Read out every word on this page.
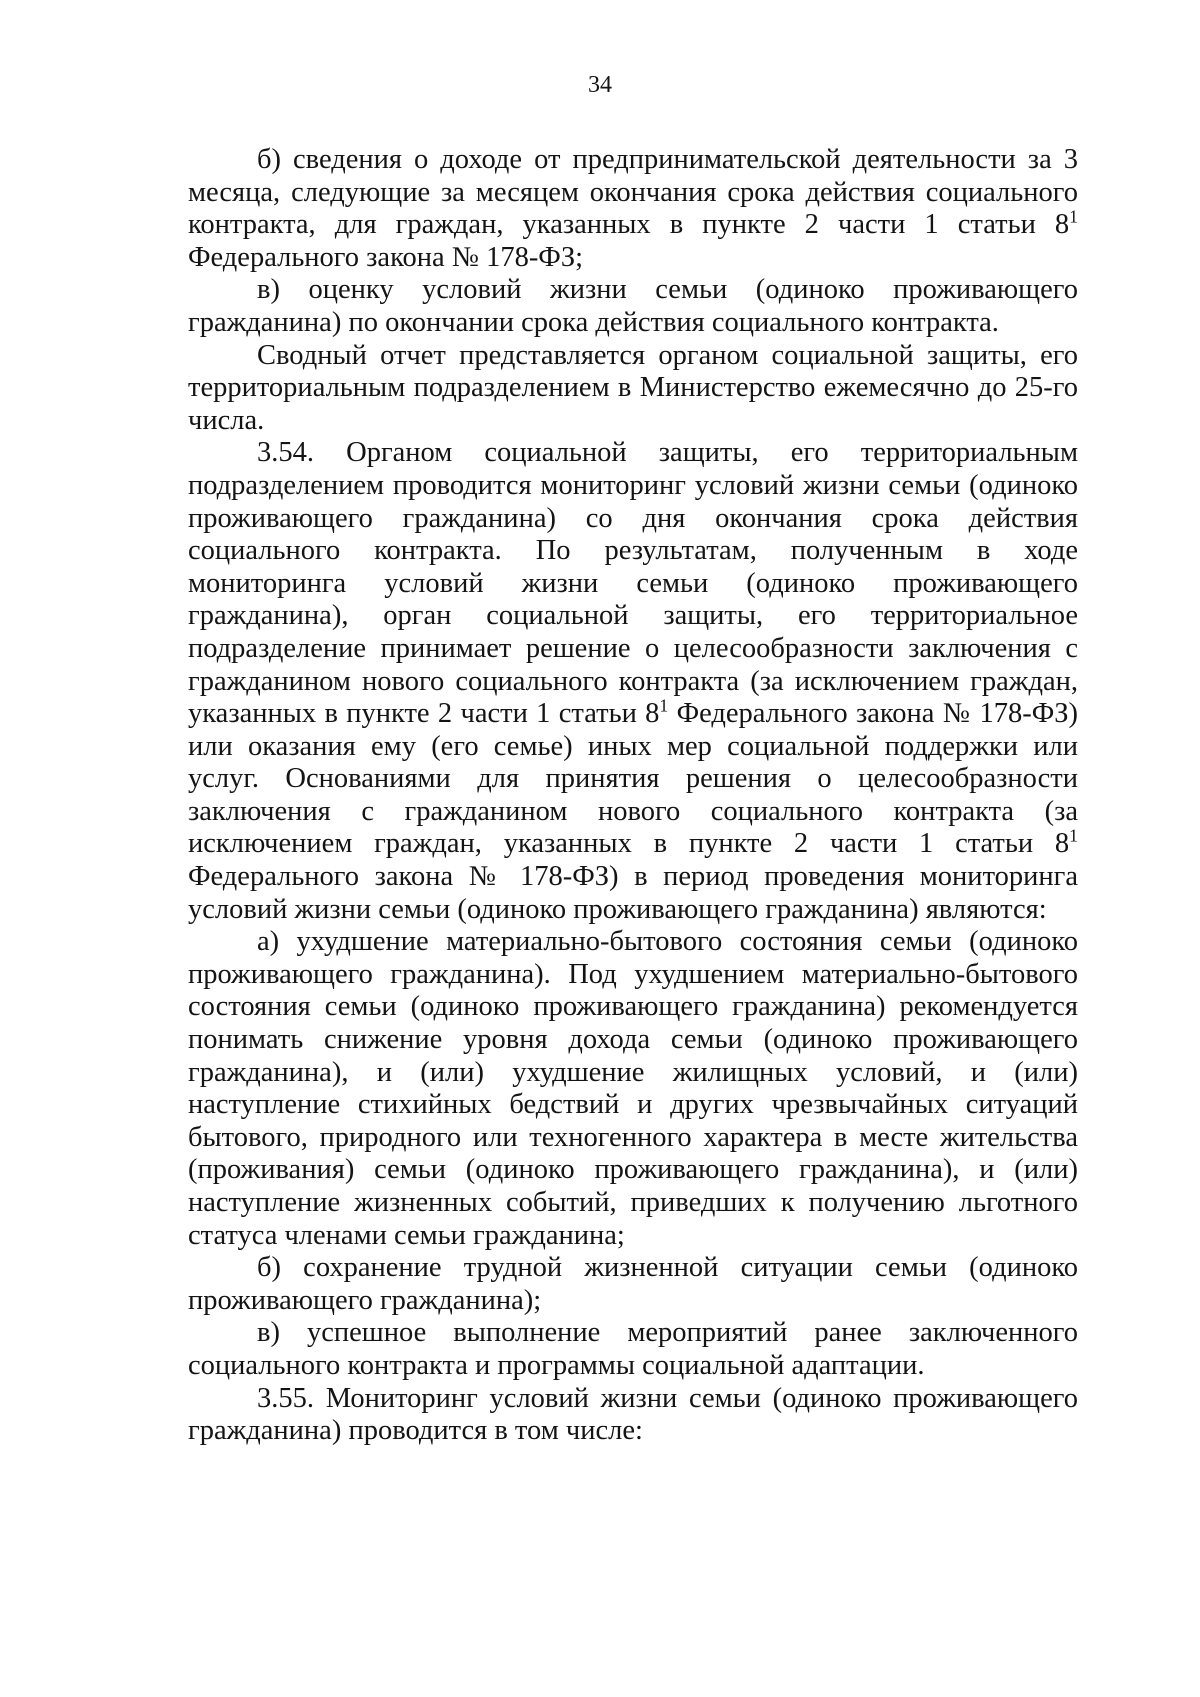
34

б) сведения о доходе от предпринимательской деятельности за 3 месяца, следующие за месяцем окончания срока действия социального контракта, для граждан, указанных в пункте 2 части 1 статьи $8^1$ Федерального закона № 178-ФЗ;

в) оценку условий жизни семьи (одиноко проживающего гражданина) по окончании срока действия социального контракта.

Сводный отчет представляется органом социальной защиты, его территориальным подразделением в Министерство ежемесячно до 25-го числа.

3.54. Органом социальной защиты, его территориальным подразделением проводится мониторинг условий жизни семьи (одиноко проживающего гражданина) со дня окончания срока действия социального контракта. По результатам, полученным в ходе мониторинга условий жизни семьи (одиноко проживающего гражданина), орган социальной защиты, его территориальное подразделение принимает решение о целесообразности заключения с гражданином нового социального контракта (за исключением граждан, указанных в пункте 2 части 1 статьи $8^1$ Федерального закона № 178-ФЗ) или оказания ему (его семье) иных мер социальной поддержки или услуг. Основаниями для принятия решения о целесообразности заключения с гражданином нового социального контракта (за исключением граждан, указанных в пункте 2 части 1 статьи $8^1$ Федерального закона № 178-ФЗ) в период проведения мониторинга условий жизни семьи (одиноко проживающего гражданина) являются:

а) ухудшение материально-бытового состояния семьи (одиноко проживающего гражданина). Под ухудшением материально-бытового состояния семьи (одиноко проживающего гражданина) рекомендуется понимать снижение уровня дохода семьи (одиноко проживающего гражданина), и (или) ухудшение жилищных условий, и (или) наступление стихийных бедствий и других чрезвычайных ситуаций бытового, природного или техногенного характера в месте жительства (проживания) семьи (одиноко проживающего гражданина), и (или) наступление жизненных событий, приведших к получению льготного статуса членами семьи гражданина;

б) сохранение трудной жизненной ситуации семьи (одиноко проживающего гражданина);

в) успешное выполнение мероприятий ранее заключенного социального контракта и программы социальной адаптации.

3.55. Мониторинг условий жизни семьи (одиноко проживающего гражданина) проводится в том числе:
